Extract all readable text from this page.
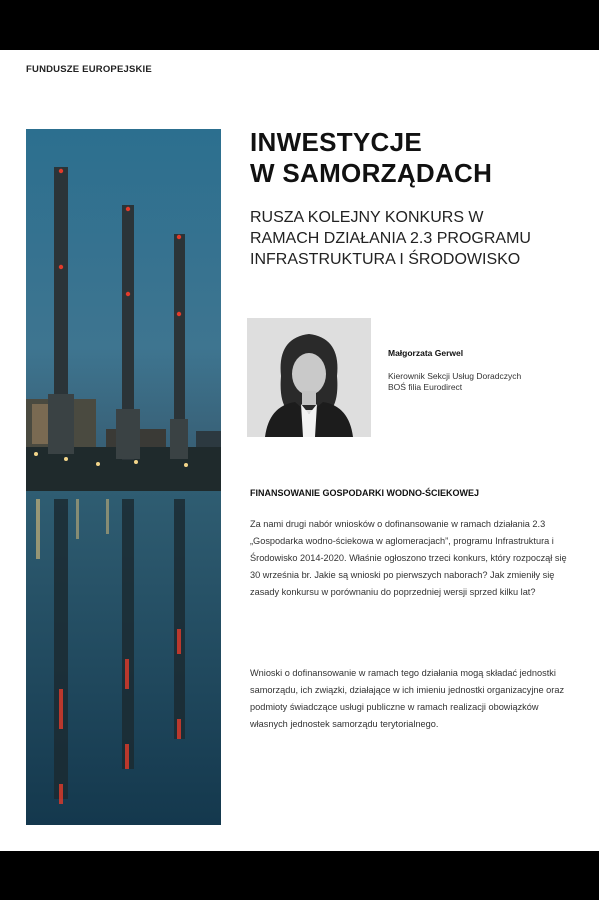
FUNDUSZE EUROPEJSKIE
INWESTYCJE
W SAMORZĄDACH

RUSZA KOLEJNY KONKURS W
RAMACH DZIAŁANIA 2.3 PROGRAMU
INFRASTRUKTURA I ŚRODOWISKO

Małgorzata Gerwel
Kierownik Sekcji Usług Doradczych
BOŚ filia Eurodirect
FINANSOWANIE GOSPODARKI WODNO-ŚCIEKOWEJ

Za nami drugi nabór wniosków o dofinansowanie w ramach działania 2.3 „Gospodarka wodno-ściekowa w aglomeracjach”, programu Infrastruktura i Środowisko 2014-2020. Właśnie ogłoszono trzeci konkurs, który rozpoczął się 30 września br. Jakie są wnioski po pierwszych naborach? Jak zmieniły się zasady konkursu w porównaniu do poprzedniej wersji sprzed kilku lat?

Wnioski o dofinansowanie w ramach tego działania mogą składać jednostki samorządu, ich związki, działające w ich imieniu jednostki organizacyjne oraz podmioty świadczące usługi publiczne w ramach realizacji obowiązków własnych jednostek samorządu terytorialnego.
